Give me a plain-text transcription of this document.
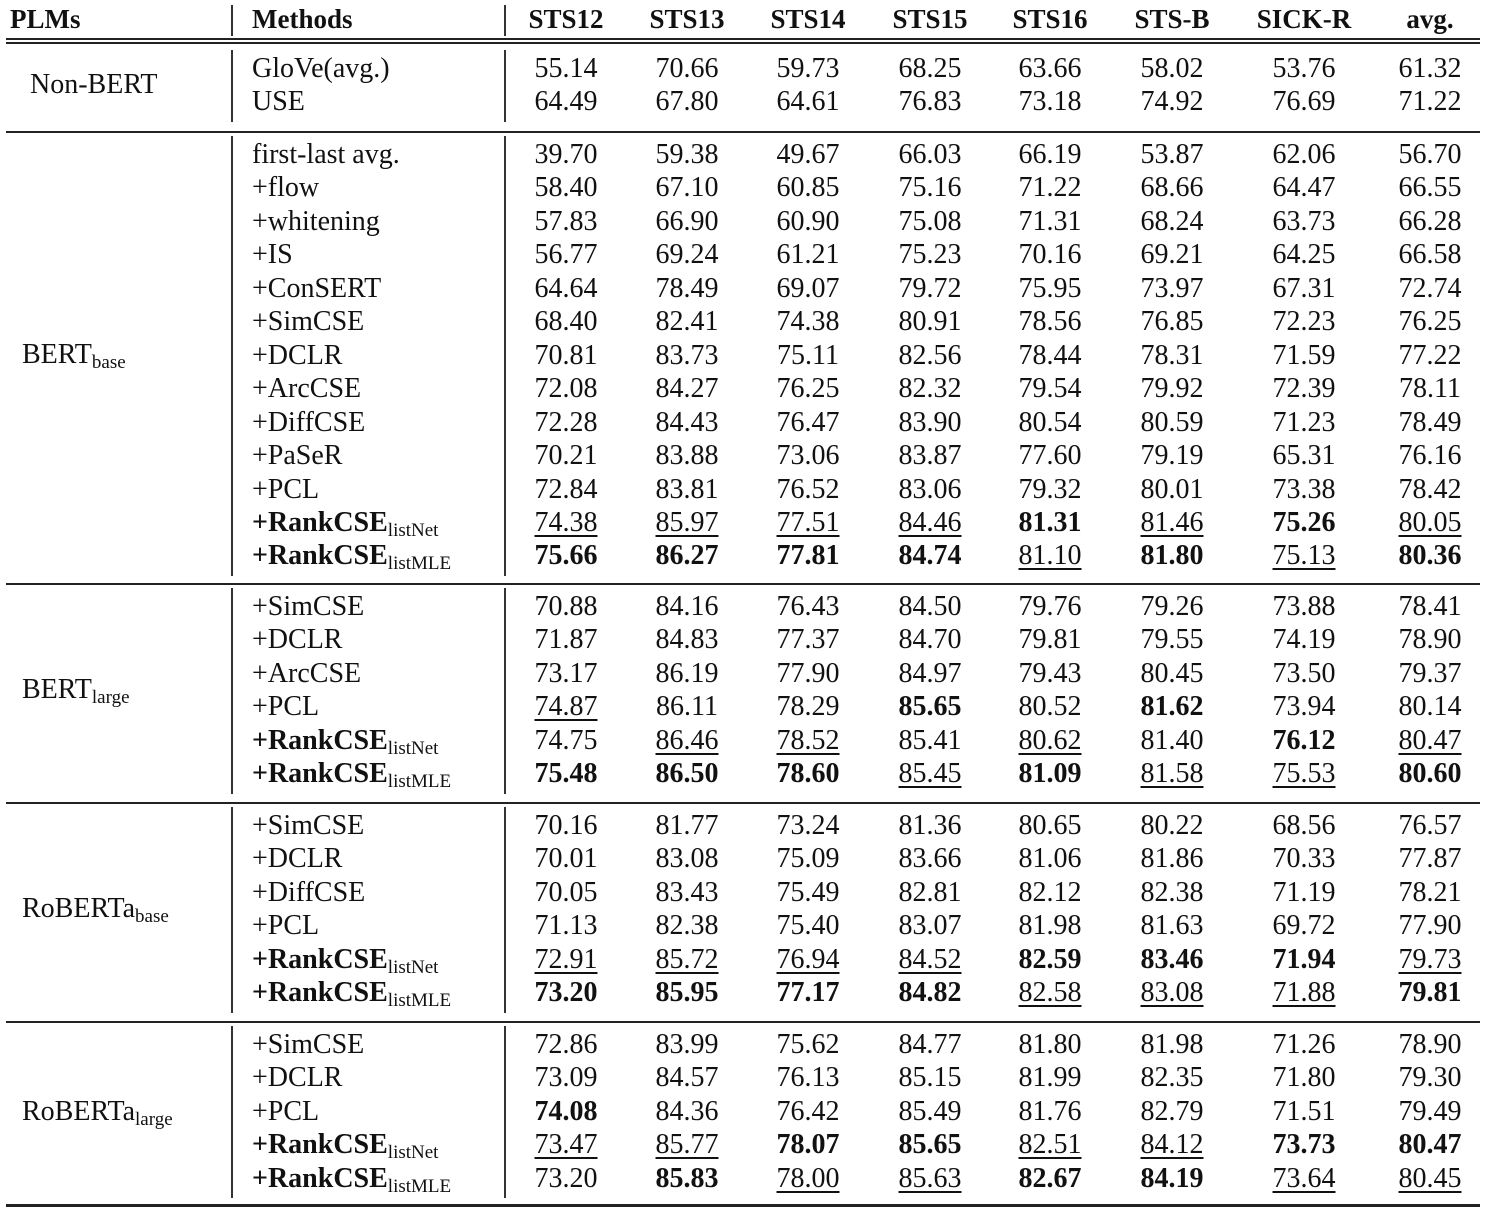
PLMs	Methods	STS12 STS13 STS14 STS15 STS16 STS-B SICK-R avg.
Non-BERT
GloVe(avg.)	55.14 70.66 59.73 68.25 63.66 58.02 53.76 61.32
USE	64.49 67.80 64.61 76.83 73.18 74.92 76.69 71.22
$BERT_{base}$
first-last avg.	39.70 59.38 49.67 66.03 66.19 53.87 62.06 56.70
+flow	58.40 67.10 60.85 75.16 71.22 68.66 64.47 66.55
+whitening	57.83 66.90 60.90 75.08 71.31 68.24 63.73 66.28
+IS	56.77 69.24 61.21 75.23 70.16 69.21 64.25 66.58
+ConSERT	64.64 78.49 69.07 79.72 75.95 73.97 67.31 72.74
+SimCSE	68.40 82.41 74.38 80.91 78.56 76.85 72.23 76.25
+DCLR	70.81 83.73 75.11 82.56 78.44 78.31 71.59 77.22
+ArcCSE	72.08 84.27 76.25 82.32 79.54 79.92 72.39 78.11
+DiffCSE	72.28 84.43 76.47 83.90 80.54 80.59 71.23 78.49
+PaSeR	70.21 83.88 73.06 83.87 77.60 79.19 65.31 76.16
+PCL	72.84 83.81 76.52 83.06 79.32 80.01 73.38 78.42
+RankCSE$_{listNet}$	74.38 85.97 77.51 84.46 81.31 81.46 75.26 80.05
+RankCSE$_{listMLE}$	75.66 86.27 77.81 84.74 81.10 81.80 75.13 80.36
$BERT_{large}$
+SimCSE	70.88 84.16 76.43 84.50 79.76 79.26 73.88 78.41
+DCLR	71.87 84.83 77.37 84.70 79.81 79.55 74.19 78.90
+ArcCSE	73.17 86.19 77.90 84.97 79.43 80.45 73.50 79.37
+PCL	74.87 86.11 78.29 85.65 80.52 81.62 73.94 80.14
+RankCSE$_{listNet}$	74.75 86.46 78.52 85.41 80.62 81.40 76.12 80.47
+RankCSE$_{listMLE}$	75.48 86.50 78.60 85.45 81.09 81.58 75.53 80.60
RoBERTa$_{base}$
+SimCSE	70.16 81.77 73.24 81.36 80.65 80.22 68.56 76.57
+DCLR	70.01 83.08 75.09 83.66 81.06 81.86 70.33 77.87
+DiffCSE	70.05 83.43 75.49 82.81 82.12 82.38 71.19 78.21
+PCL	71.13 82.38 75.40 83.07 81.98 81.63 69.72 77.90
+RankCSE$_{listNet}$	72.91 85.72 76.94 84.52 82.59 83.46 71.94 79.73
+RankCSE$_{listMLE}$	73.20 85.95 77.17 84.82 82.58 83.08 71.88 79.81
RoBERTa$_{large}$
+SimCSE	72.86 83.99 75.62 84.77 81.80 81.98 71.26 78.90
+DCLR	73.09 84.57 76.13 85.15 81.99 82.35 71.80 79.30
+PCL	74.08 84.36 76.42 85.49 81.76 82.79 71.51 79.49
+RankCSE$_{listNet}$	73.47 85.77 78.07 85.65 82.51 84.12 73.73 80.47
+RankCSE$_{listMLE}$	73.20 85.83 78.00 85.63 82.67 84.19 73.64 80.45
